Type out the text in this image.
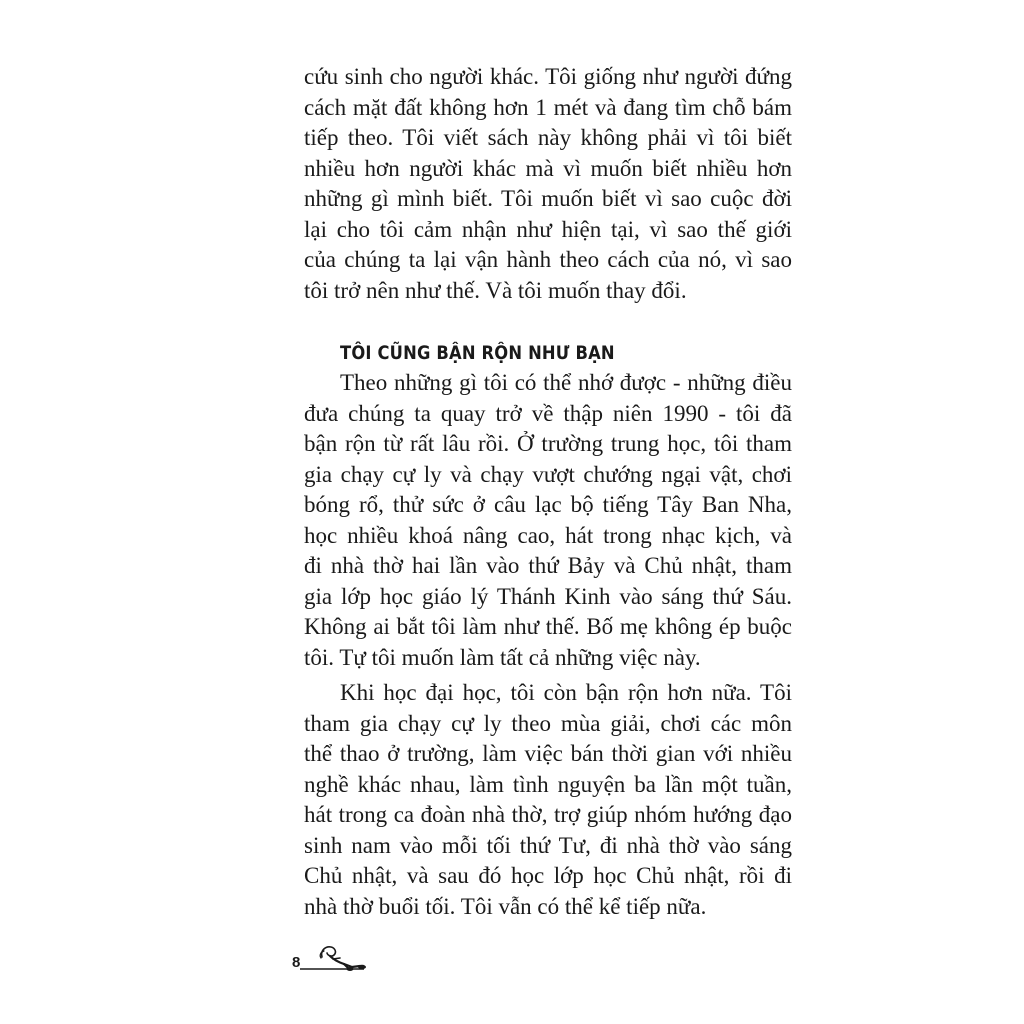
cứu sinh cho người khác. Tôi giống như người đứng
cách mặt đất không hơn 1 mét và đang tìm chỗ bám
tiếp theo. Tôi viết sách này không phải vì tôi biết
nhiều hơn người khác mà vì muốn biết nhiều hơn
những gì mình biết. Tôi muốn biết vì sao cuộc đời
lại cho tôi cảm nhận như hiện tại, vì sao thế giới
của chúng ta lại vận hành theo cách của nó, vì sao
tôi trở nên như thế. Và tôi muốn thay đổi.
TÔI CŨNG BẬN RỘN NHƯ BẠN
Theo những gì tôi có thể nhớ được - những điều
đưa chúng ta quay trở về thập niên 1990 - tôi đã
bận rộn từ rất lâu rồi. Ở trường trung học, tôi tham
gia chạy cự ly và chạy vượt chướng ngại vật, chơi
bóng rổ, thử sức ở câu lạc bộ tiếng Tây Ban Nha,
học nhiều khoá nâng cao, hát trong nhạc kịch, và
đi nhà thờ hai lần vào thứ Bảy và Chủ nhật, tham
gia lớp học giáo lý Thánh Kinh vào sáng thứ Sáu.
Không ai bắt tôi làm như thế. Bố mẹ không ép buộc
tôi. Tự tôi muốn làm tất cả những việc này.
Khi học đại học, tôi còn bận rộn hơn nữa. Tôi
tham gia chạy cự ly theo mùa giải, chơi các môn
thể thao ở trường, làm việc bán thời gian với nhiều
nghề khác nhau, làm tình nguyện ba lần một tuần,
hát trong ca đoàn nhà thờ, trợ giúp nhóm hướng đạo
sinh nam vào mỗi tối thứ Tư, đi nhà thờ vào sáng
Chủ nhật, và sau đó học lớp học Chủ nhật, rồi đi
nhà thờ buổi tối. Tôi vẫn có thể kể tiếp nữa.
8
